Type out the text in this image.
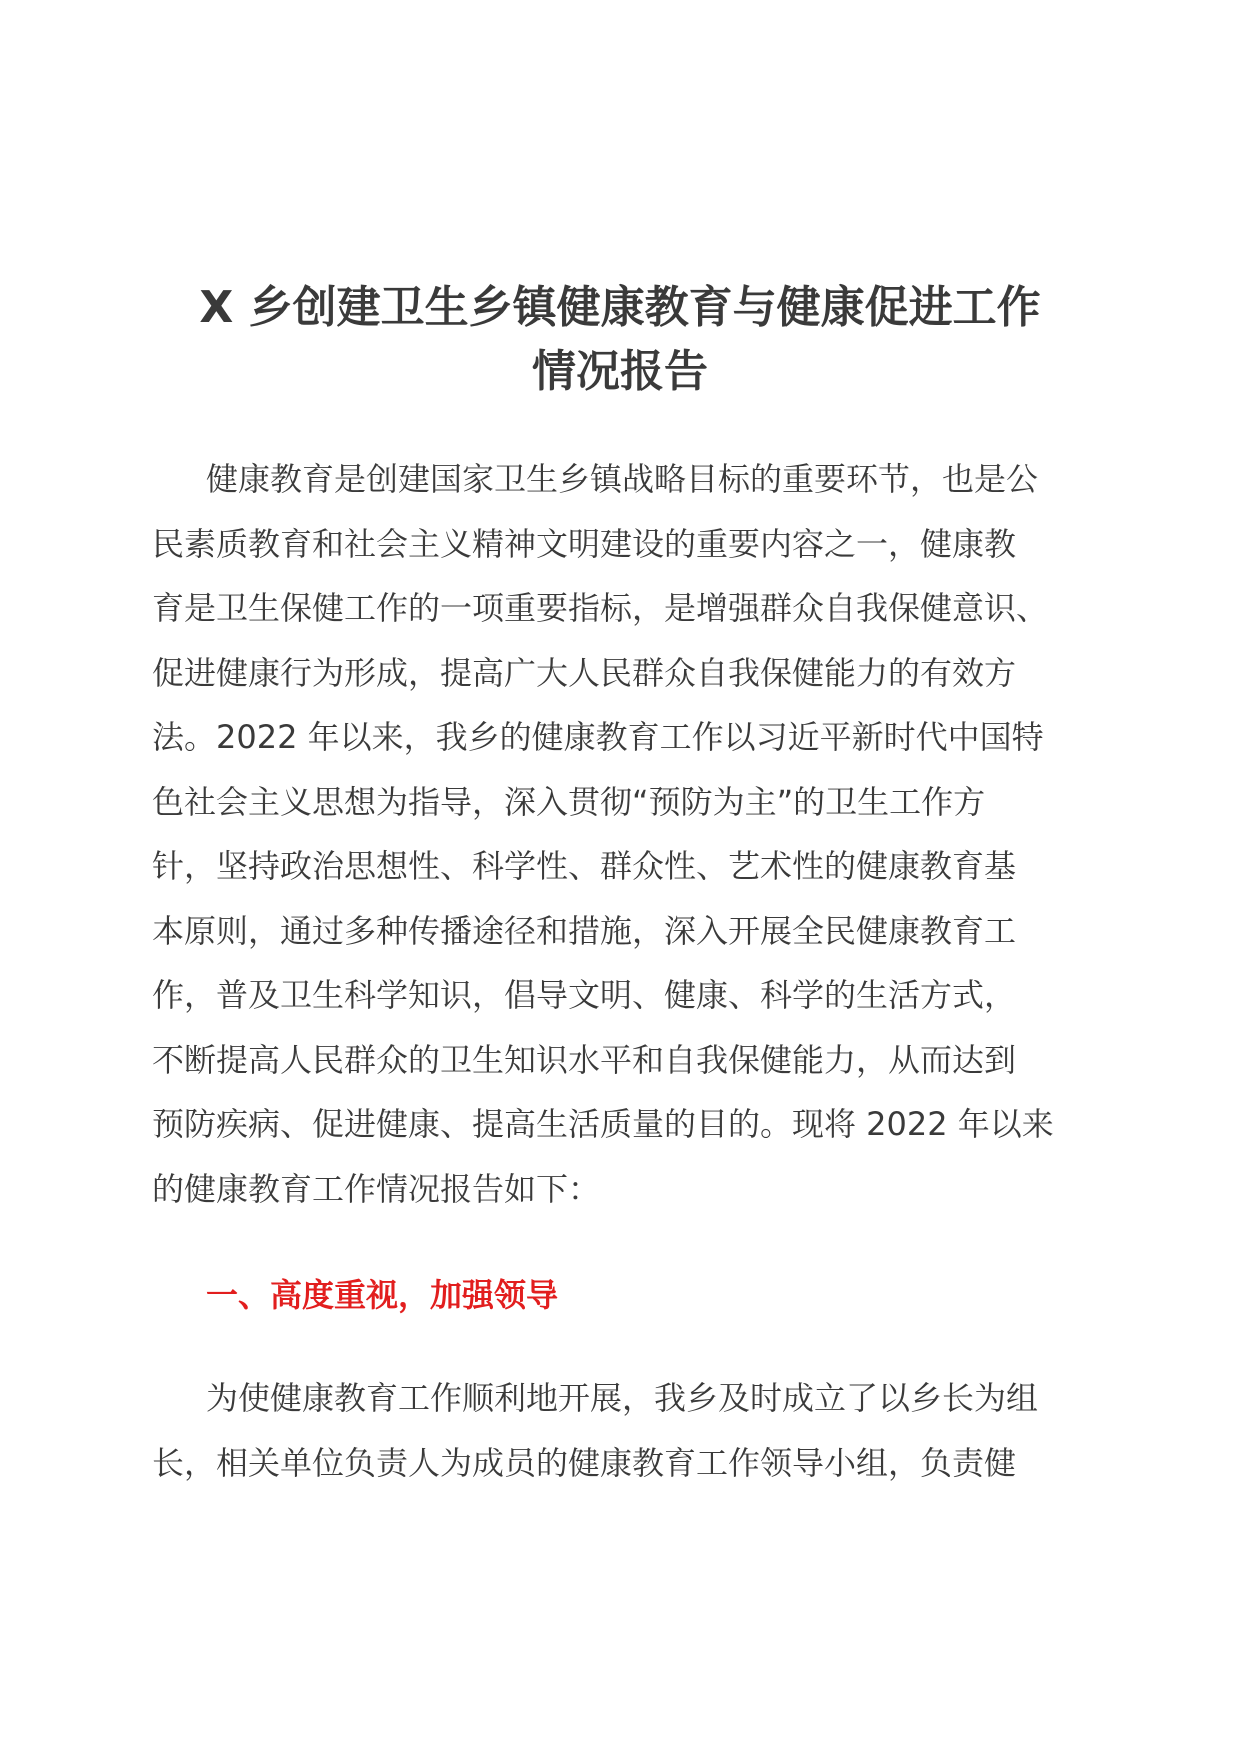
X 乡创建卫生乡镇健康教育与健康促进工作
情况报告

健康教育是创建国家卫生乡镇战略目标的重要环节，也是公
民素质教育和社会主义精神文明建设的重要内容之一，健康教
育是卫生保健工作的一项重要指标，是增强群众自我保健意识、
促进健康行为形成，提高广大人民群众自我保健能力的有效方
法。2022 年以来，我乡的健康教育工作以习近平新时代中国特
色社会主义思想为指导，深入贯彻“预防为主”的卫生工作方
针，坚持政治思想性、科学性、群众性、艺术性的健康教育基
本原则，通过多种传播途径和措施，深入开展全民健康教育工
作，普及卫生科学知识，倡导文明、健康、科学的生活方式，
不断提高人民群众的卫生知识水平和自我保健能力，从而达到
预防疾病、促进健康、提高生活质量的目的。现将 2022 年以来
的健康教育工作情况报告如下：

一、高度重视，加强领导

为使健康教育工作顺利地开展，我乡及时成立了以乡长为组
长，相关单位负责人为成员的健康教育工作领导小组，负责健
